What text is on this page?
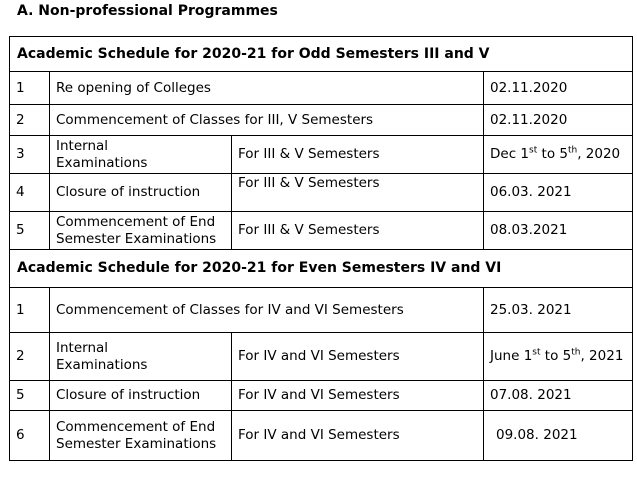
A. Non-professional Programmes
Academic Schedule for 2020-21 for Odd Semesters III and V			
1	Re opening of Colleges		02.11.2020
2	Commencement of Classes for III, V Semesters		02.11.2020
3	Internal
Examinations	For III & V Semesters	Dec 1st to 5th, 2020
4	Closure of instruction	For III & V Semesters	06.03. 2021
5	Commencement of End
Semester Examinations	For III & V Semesters	08.03.2021
Academic Schedule for 2020-21 for Even Semesters IV and VI			
1	Commencement of Classes for IV and VI Semesters		25.03. 2021
2	Internal
Examinations	For IV and VI Semesters	June 1st to 5th, 2021
5	Closure of instruction	For IV and VI Semesters	07.08. 2021
6	Commencement of End
Semester Examinations	For IV and VI Semesters	09.08. 2021
